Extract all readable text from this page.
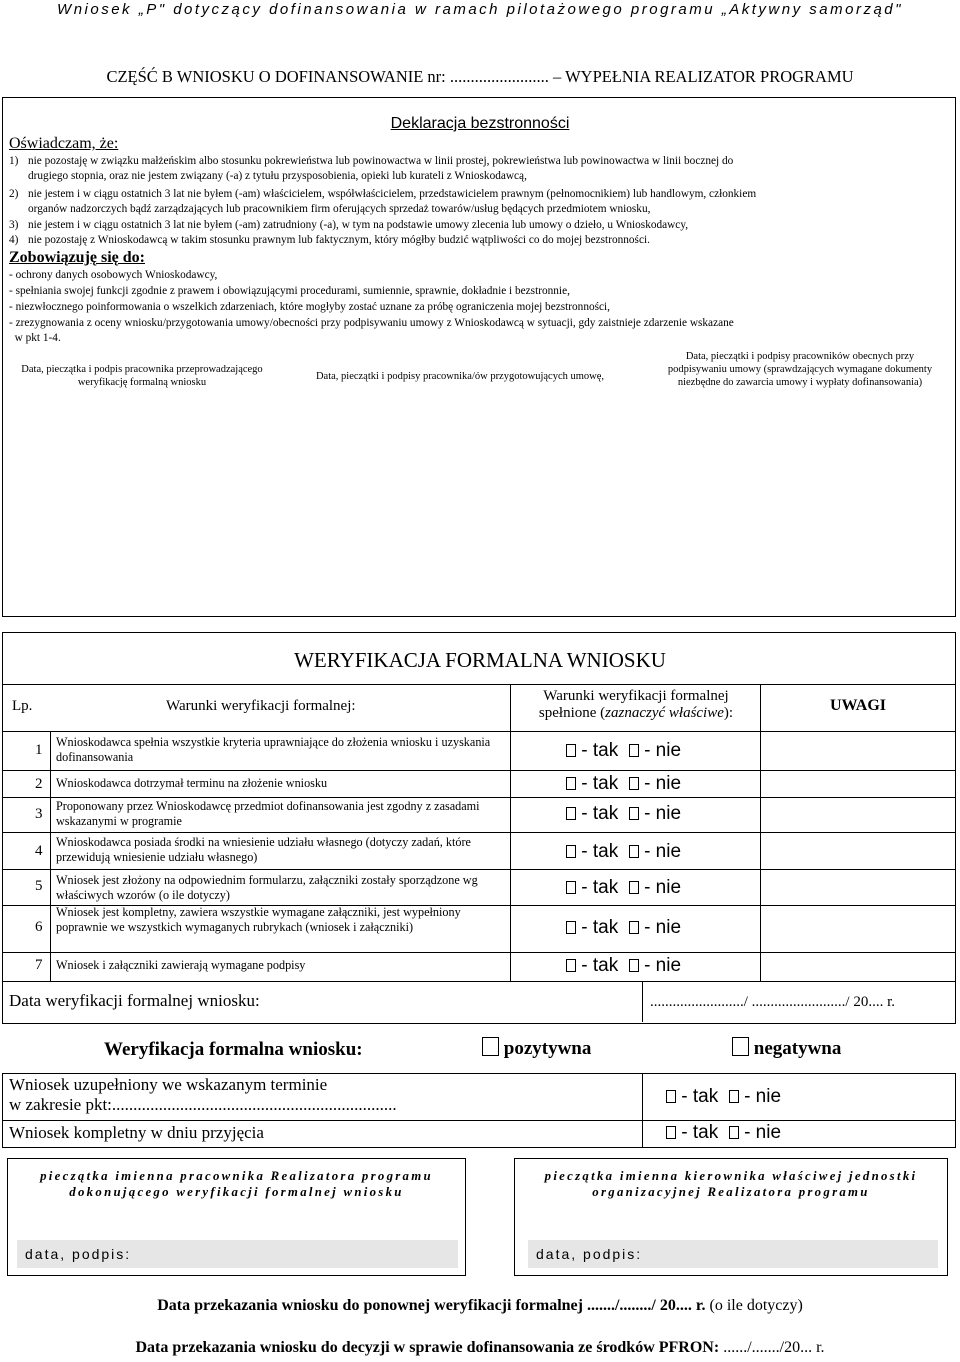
Wniosek „P" dotyczący dofinansowania w ramach pilotażowego programu „Aktywny samorząd"
CZĘŚĆ B WNIOSKU O DOFINANSOWANIE nr: ........................ – WYPEŁNIA REALIZATOR PROGRAMU
Deklaracja bezstronności
Oświadczam, że:
1) nie pozostaję w związku małżeńskim albo stosunku pokrewieństwa lub powinowactwa w linii prostej, pokrewieństwa lub powinowactwa w linii bocznej do
drugiego stopnia, oraz nie jestem związany (-a) z tytułu przysposobienia, opieki lub kurateli z Wnioskodawcą,
2) nie jestem i w ciągu ostatnich 3 lat nie byłem (-am) właścicielem, współwłaścicielem, przedstawicielem prawnym (pełnomocnikiem) lub handlowym, członkiem
organów nadzorczych bądź zarządzających lub pracownikiem firm oferujących sprzedaż towarów/usług będących przedmiotem wniosku,
3) nie jestem i w ciągu ostatnich 3 lat nie byłem (-am) zatrudniony (-a), w tym na podstawie umowy zlecenia lub umowy o dzieło, u Wnioskodawcy,
4) nie pozostaję z Wnioskodawcą w takim stosunku prawnym lub faktycznym, który mógłby budzić wątpliwości co do mojej bezstronności.
Zobowiązuję się do:
- ochrony danych osobowych Wnioskodawcy,
- spełniania swojej funkcji zgodnie z prawem i obowiązującymi procedurami, sumiennie, sprawnie, dokładnie i bezstronnie,
- niezwłocznego poinformowania o wszelkich zdarzeniach, które mogłyby zostać uznane za próbę ograniczenia mojej bezstronności,
- zrezygnowania z oceny wniosku/przygotowania umowy/obecności przy podpisywaniu umowy z Wnioskodawcą w sytuacji, gdy zaistnieje zdarzenie wskazane
w pkt 1-4.
Data, pieczątka i podpis pracownika przeprowadzającego weryfikację formalną wniosku
Data, pieczątki i podpisy pracownika/ów przygotowujących umowę,
Data, pieczątki i podpisy pracowników obecnych przy podpisywaniu umowy (sprawdzających wymagane dokumenty niezbędne do zawarcia umowy i wypłaty dofinansowania)
WERYFIKACJA FORMALNA WNIOSKU
Lp.	Warunki weryfikacji formalnej:
Warunki weryfikacji formalnej
spełnione (zaznaczyć właściwe):	UWAGI
1 Wnioskodawca spełnia wszystkie kryteria uprawniające do złożenia wniosku i uzyskania dofinansowania	- tak - nie
2 Wnioskodawca dotrzymał terminu na złożenie wniosku	- tak - nie
3 Proponowany przez Wnioskodawcę przedmiot dofinansowania jest zgodny z zasadami wskazanymi w programie	- tak - nie
4
Wnioskodawca posiada środki na wniesienie udziału własnego (dotyczy zadań, które przewidują wniesienie udziału własnego)	- tak - nie
5 Wniosek jest złożony na odpowiednim formularzu, załączniki zostały sporządzone wg właściwych wzorów (o ile dotyczy)	- tak - nie
6
Wniosek jest kompletny, zawiera wszystkie wymagane załączniki, jest wypełniony poprawnie we wszystkich wymaganych rubrykach (wniosek i załączniki)	- tak - nie
7 Wniosek i załączniki zawierają wymagane podpisy	- tak - nie
Data weryfikacji formalnej wniosku:	........................./ ........................./ 20.... r.
Weryfikacja formalna wniosku:	pozytywna	negatywna
Wniosek uzupełniony we wskazanym terminie
w zakresie pkt:...................................................................	- tak - nie
Wniosek kompletny w dniu przyjęcia	- tak - nie
pieczątka imienna pracownika Realizatora programu
dokonującego weryfikacji formalnej wniosku
data, podpis:
pieczątka imienna kierownika właściwej jednostki
organizacyjnej Realizatora programu
data, podpis:
Data przekazania wniosku do ponownej weryfikacji formalnej ......./......../ 20.... r. (o ile dotyczy)
Data przekazania wniosku do decyzji w sprawie dofinansowania ze środków PFRON: ....../......./20... r.
